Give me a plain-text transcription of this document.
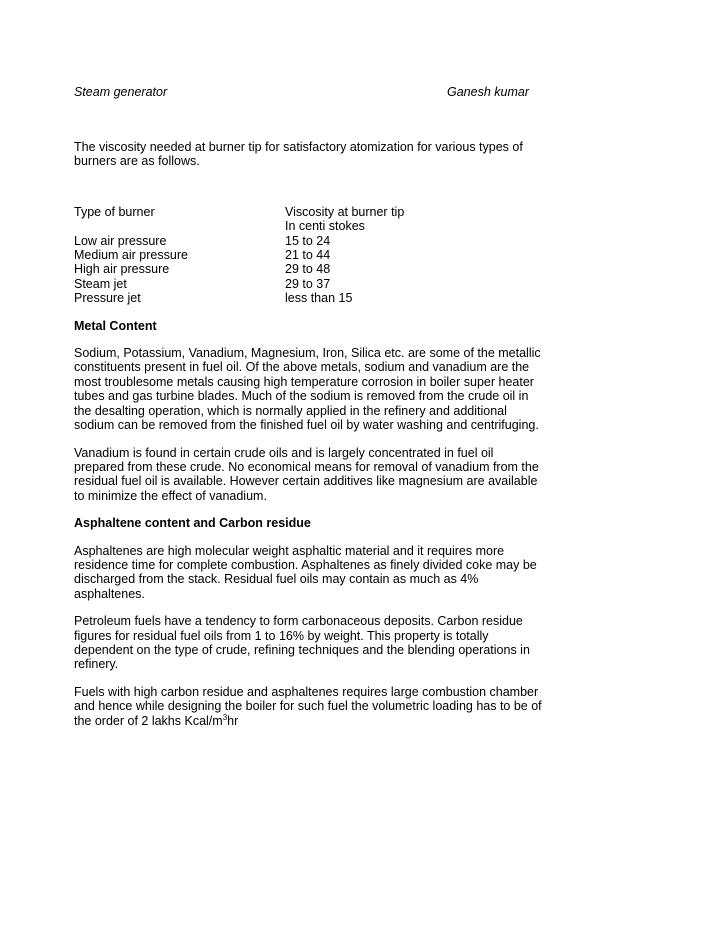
Steam generator	Ganesh kumar
The viscosity needed at burner tip for satisfactory atomization for various types of burners are as follows.
Type of burner	Viscosity at burner tip
In centi stokes
Low air pressure	15 to 24
Medium air pressure	21 to 44
High air pressure	29 to 48
Steam jet	29 to 37
Pressure jet	less than 15
Metal Content

Sodium, Potassium, Vanadium, Magnesium, Iron, Silica etc. are some of the metallic constituents present in fuel oil. Of the above metals, sodium and vanadium are the most troublesome metals causing high temperature corrosion in boiler super heater tubes and gas turbine blades. Much of the sodium is removed from the crude oil in the desalting operation, which is normally applied in the refinery and additional sodium can be removed from the finished fuel oil by water washing and centrifuging.

Vanadium is found in certain crude oils and is largely concentrated in fuel oil prepared from these crude. No economical means for removal of vanadium from the residual fuel oil is available. However certain additives like magnesium are available to minimize the effect of vanadium.

Asphaltene content and Carbon residue

Asphaltenes are high molecular weight asphaltic material and it requires more residence time for complete combustion. Asphaltenes as finely divided coke may be discharged from the stack. Residual fuel oils may contain as much as 4% asphaltenes.

Petroleum fuels have a tendency to form carbonaceous deposits. Carbon residue figures for residual fuel oils from 1 to 16% by weight. This property is totally dependent on the type of crude, refining techniques and the blending operations in refinery.

Fuels with high carbon residue and asphaltenes requires large combustion chamber and hence while designing the boiler for such fuel the volumetric loading has to be of the order of 2 lakhs Kcal/$m^3hr$
